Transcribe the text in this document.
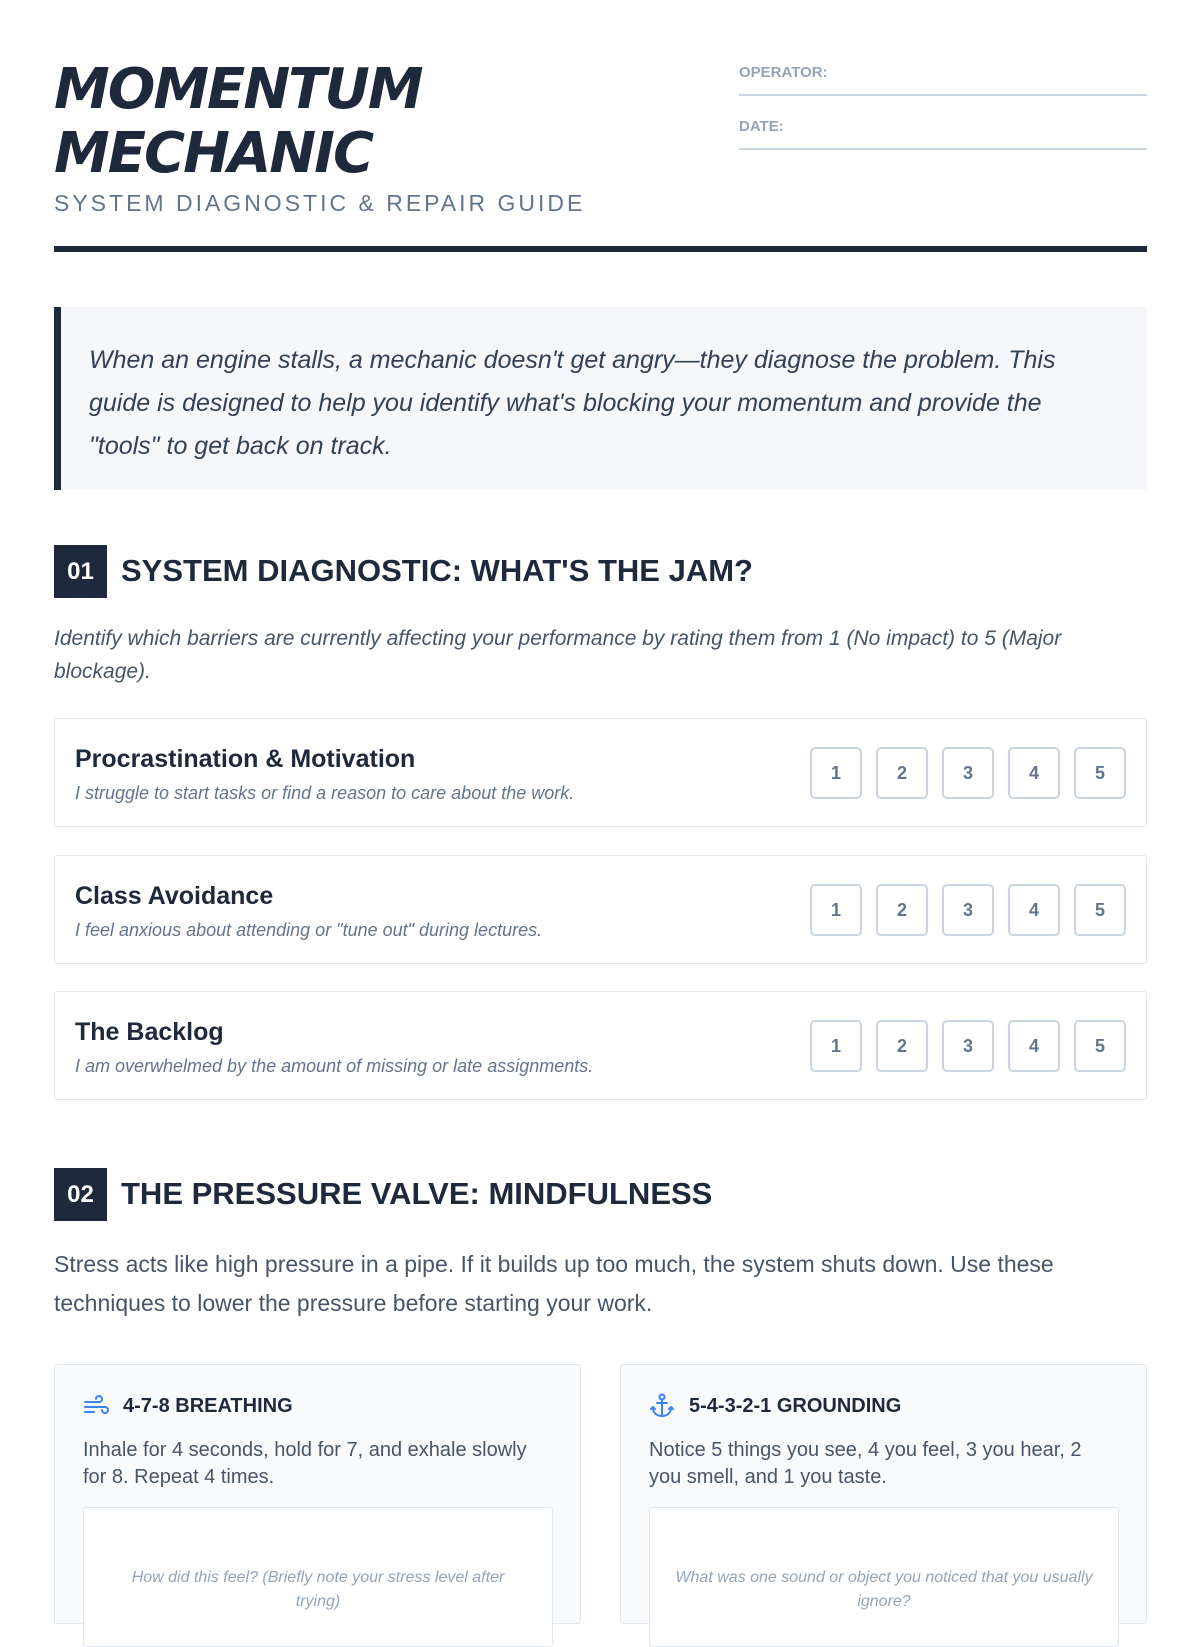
MOMENTUM
MECHANIC
SYSTEM DIAGNOSTIC & REPAIR GUIDE
OPERATOR:
DATE:

When an engine stalls, a mechanic doesn't get angry—they diagnose the problem. This guide is designed to help you identify what's blocking your momentum and provide the "tools" to get back on track.

01 SYSTEM DIAGNOSTIC: WHAT'S THE JAM?
Identify which barriers are currently affecting your performance by rating them from 1 (No impact) to 5 (Major blockage).
Procrastination & Motivation
I struggle to start tasks or find a reason to care about the work.
1	2	3	4	5
Class Avoidance
I feel anxious about attending or "tune out" during lectures.
1	2	3	4	5
The Backlog
I am overwhelmed by the amount of missing or late assignments.
1	2	3	4	5
02 THE PRESSURE VALVE: MINDFULNESS
Stress acts like high pressure in a pipe. If it builds up too much, the system shuts down. Use these techniques to lower the pressure before starting your work.
4-7-8 BREATHING
Inhale for 4 seconds, hold for 7, and exhale slowly for 8. Repeat 4 times.
How did this feel? (Briefly note your stress level after trying)
5-4-3-2-1 GROUNDING
Notice 5 things you see, 4 you feel, 3 you hear, 2 you smell, and 1 you taste.
What was one sound or object you noticed that you usually ignore?
